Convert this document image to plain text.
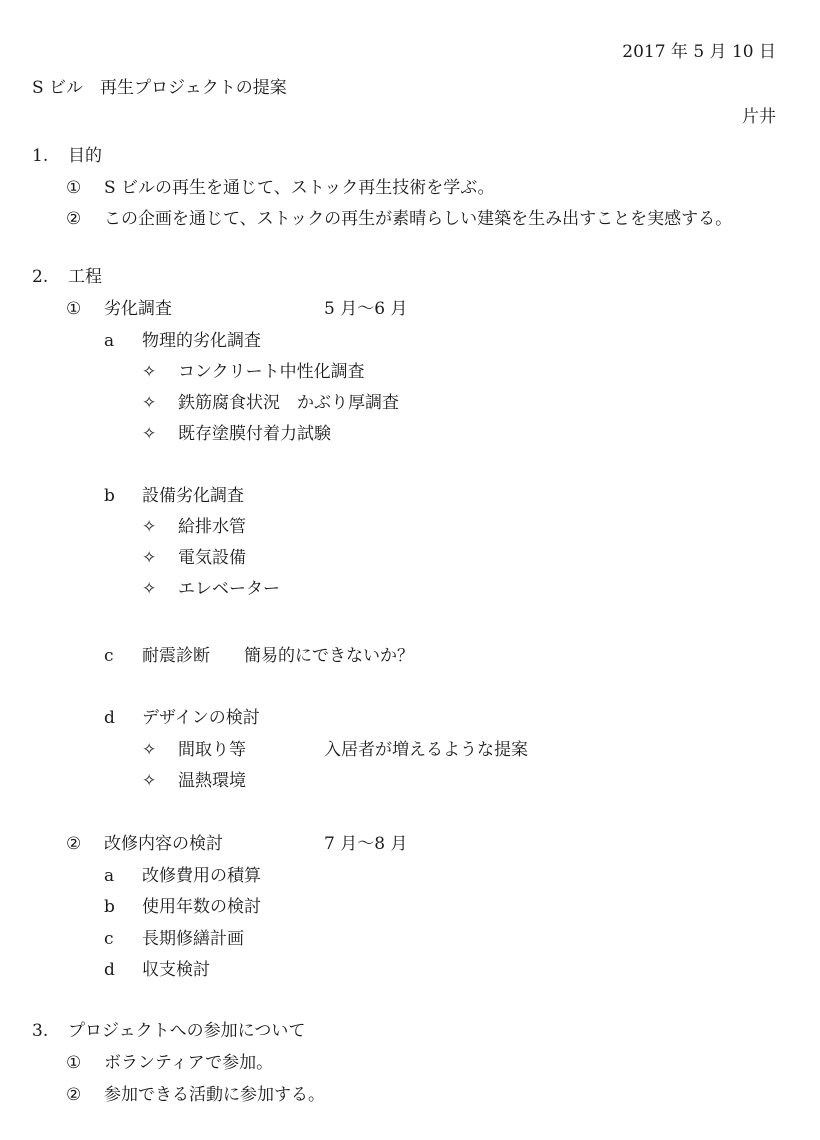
2017 年 5 月 10 日
S ビル　再生プロジェクトの提案
片井
1. 目的
① S ビルの再生を通じて、ストック再生技術を学ぶ。
② この企画を通じて、ストックの再生が素晴らしい建築を生み出すことを実感する。
2. 工程
① 劣化調査	5 月〜6 月
a 物理的劣化調査
✧ コンクリート中性化調査
✧ 鉄筋腐食状況　かぶり厚調査
✧ 既存塗膜付着力試験
b 設備劣化調査
✧ 給排水管
✧ 電気設備
✧ エレベーター
c 耐震診断　　簡易的にできないか？
d デザインの検討
✧ 間取り等	入居者が増えるような提案
✧ 温熱環境
② 改修内容の検討	7 月〜8 月
a 改修費用の積算
b 使用年数の検討
c 長期修繕計画
d 収支検討
3. プロジェクトへの参加について
① ボランティアで参加。
② 参加できる活動に参加する。
